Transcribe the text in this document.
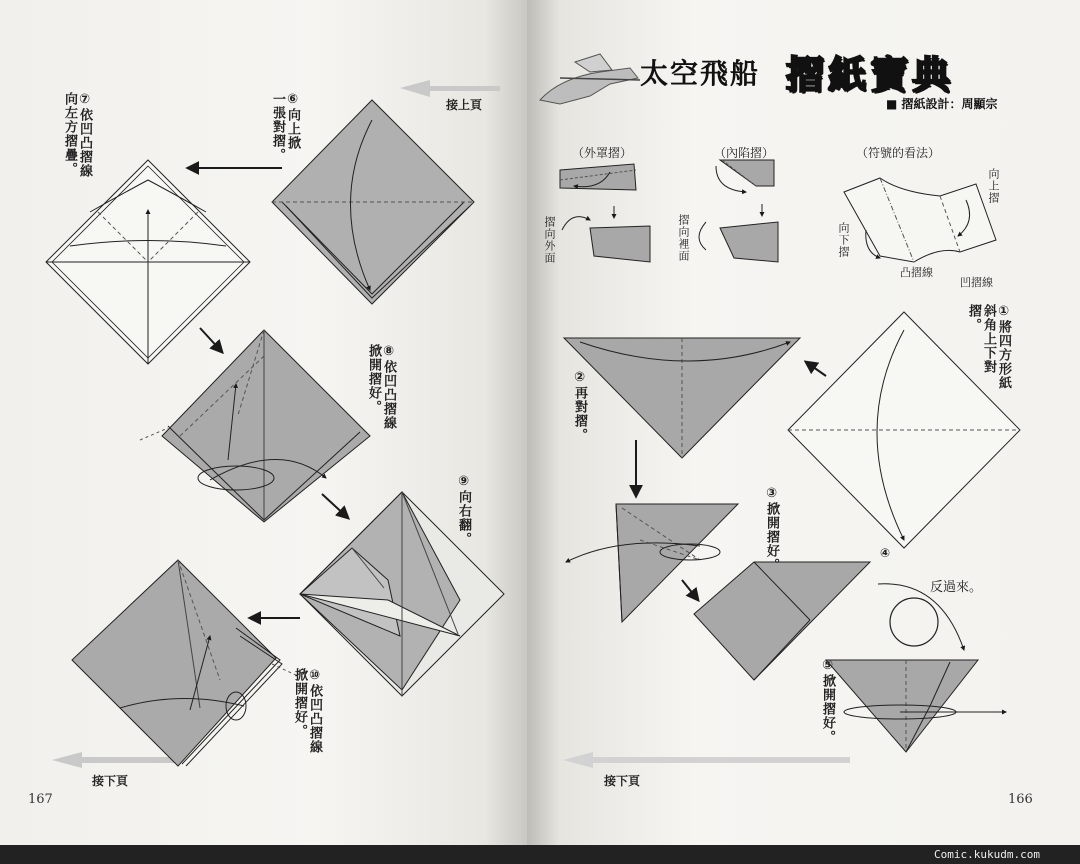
太空飛船 摺紙寶典
■ 摺紙設計：周顯宗
接上頁
接下頁	接下頁
167	166
（外罩摺）
摺向外面
（內陷摺）
摺向裡面
（符號的看法）
向上摺
向下摺
凸摺線
凹摺線
①將四方形紙斜角上下對摺。
②再對摺。
③掀開摺好。	④
反過來。
⑤掀開摺好。
⑥向上掀一張對摺。
⑦依凹凸摺線向左方摺疊。
⑧依凹凸摺線掀開摺好。
⑨向右翻。
⑩依凹凸摺線掀開摺好。
Comic.kukudm.com
